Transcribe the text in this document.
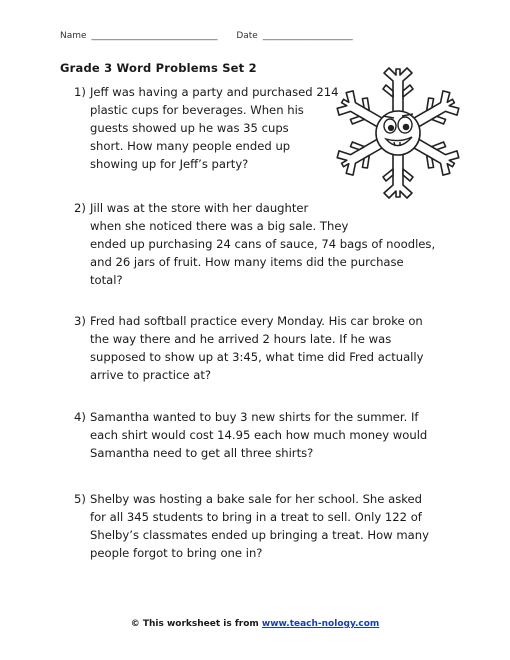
Name ____________________________ Date ____________________
Grade 3 Word Problems Set 2
1) Jeff was having a party and purchased 214
plastic cups for beverages. When his
guests showed up he was 35 cups
short. How many people ended up
showing up for Jeff’s party?
2) Jill was at the store with her daughter
when she noticed there was a big sale. They
ended up purchasing 24 cans of sauce, 74 bags of noodles,
and 26 jars of fruit. How many items did the purchase
total?
3) Fred had softball practice every Monday. His car broke on
the way there and he arrived 2 hours late. If he was
supposed to show up at 3:45, what time did Fred actually
arrive to practice at?
4) Samantha wanted to buy 3 new shirts for the summer. If
each shirt would cost 14.95 each how much money would
Samantha need to get all three shirts?
5) Shelby was hosting a bake sale for her school. She asked
for all 345 students to bring in a treat to sell. Only 122 of
Shelby’s classmates ended up bringing a treat. How many
people forgot to bring one in?
© This worksheet is from www.teach-nology.com
